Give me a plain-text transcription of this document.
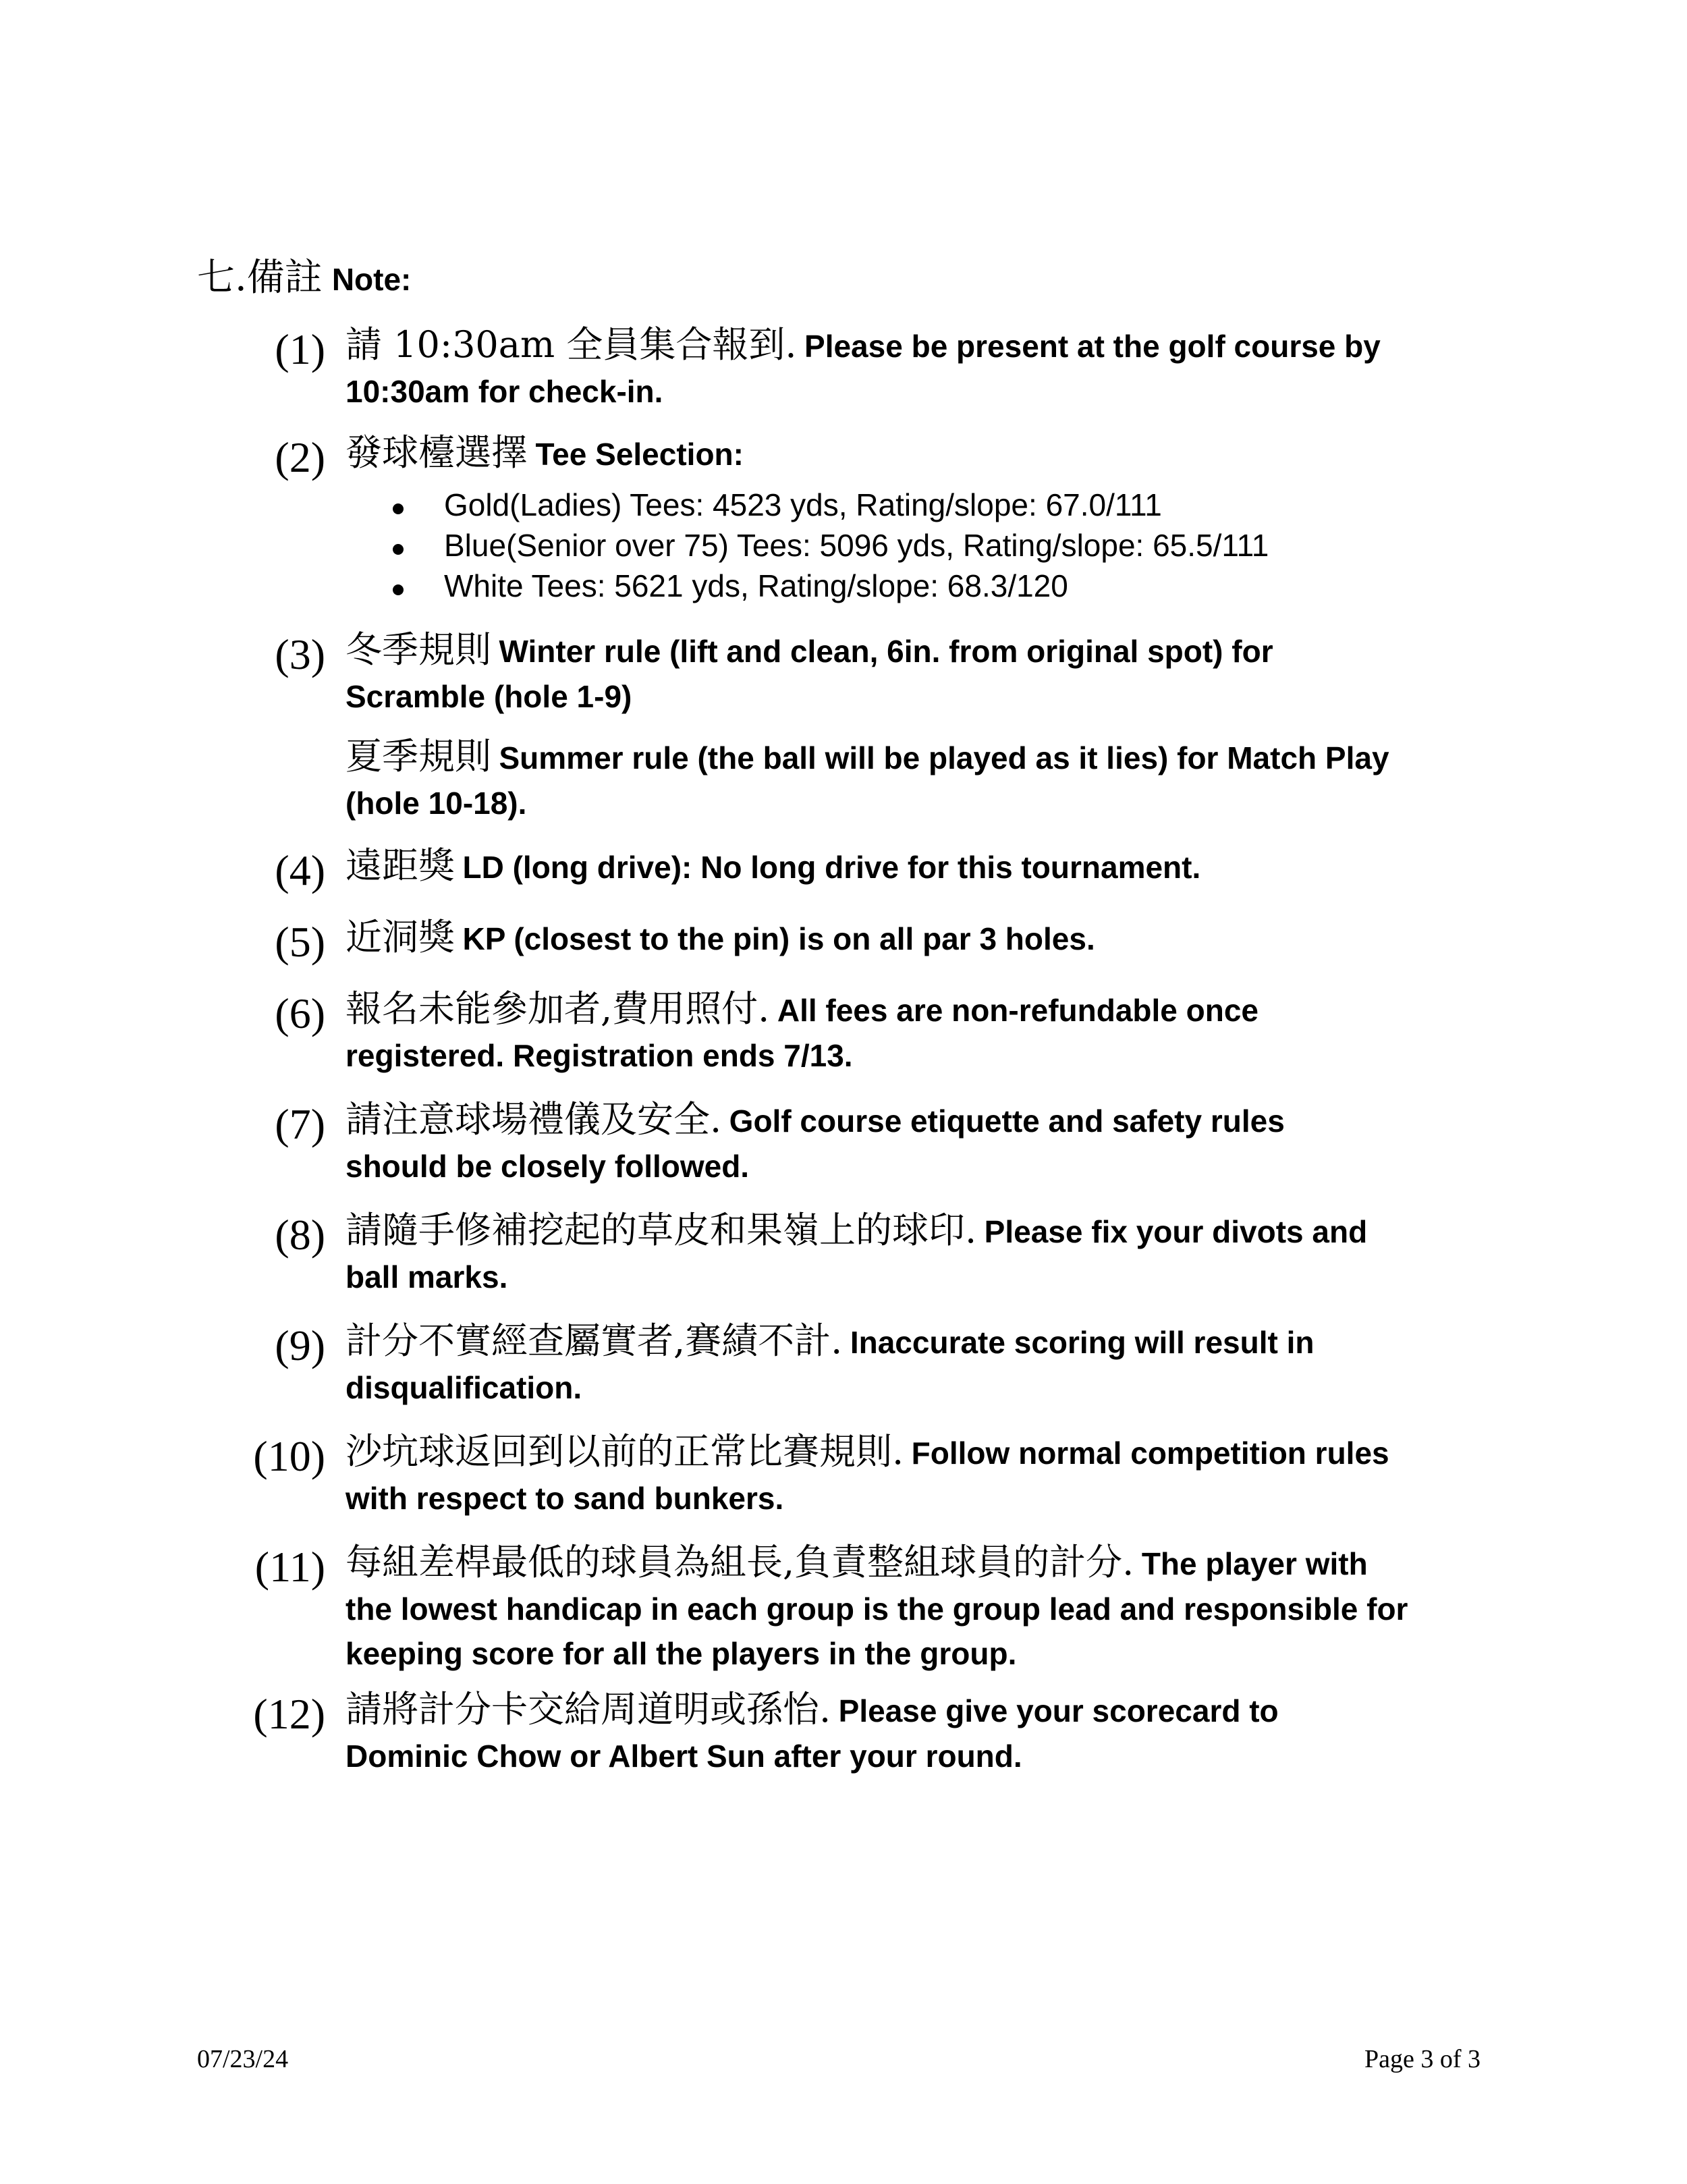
七.備註 Note:
(1) 請 10:30am 全員集合報到. Please be present at the golf course by
10:30am for check-in.
(2) 發球檯選擇 Tee Selection:
Gold(Ladies) Tees: 4523 yds, Rating/slope: 67.0/111
Blue(Senior over 75) Tees: 5096 yds, Rating/slope: 65.5/111
White Tees: 5621 yds, Rating/slope: 68.3/120
(3) 冬季規則 Winter rule (lift and clean, 6in. from original spot) for
Scramble (hole 1-9)
夏季規則 Summer rule (the ball will be played as it lies) for Match Play
(hole 10-18).
(4) 遠距獎 LD (long drive): No long drive for this tournament.
(5) 近洞獎 KP (closest to the pin) is on all par 3 holes.
(6) 報名未能參加者,費用照付. All fees are non-refundable once
registered. Registration ends 7/13.
(7) 請注意球場禮儀及安全. Golf course etiquette and safety rules
should be closely followed.
(8) 請隨手修補挖起的草皮和果嶺上的球印. Please fix your divots and
ball marks.
(9) 計分不實經查屬實者,賽績不計. Inaccurate scoring will result in
disqualification.
(10) 沙坑球返回到以前的正常比賽規則. Follow normal competition rules
with respect to sand bunkers.
(11) 每組差桿最低的球員為組長,負責整組球員的計分. The player with
the lowest handicap in each group is the group lead and responsible for
keeping score for all the players in the group.
(12) 請將計分卡交給周道明或孫怡. Please give your scorecard to
Dominic Chow or Albert Sun after your round.
07/23/24	Page 3 of 3
